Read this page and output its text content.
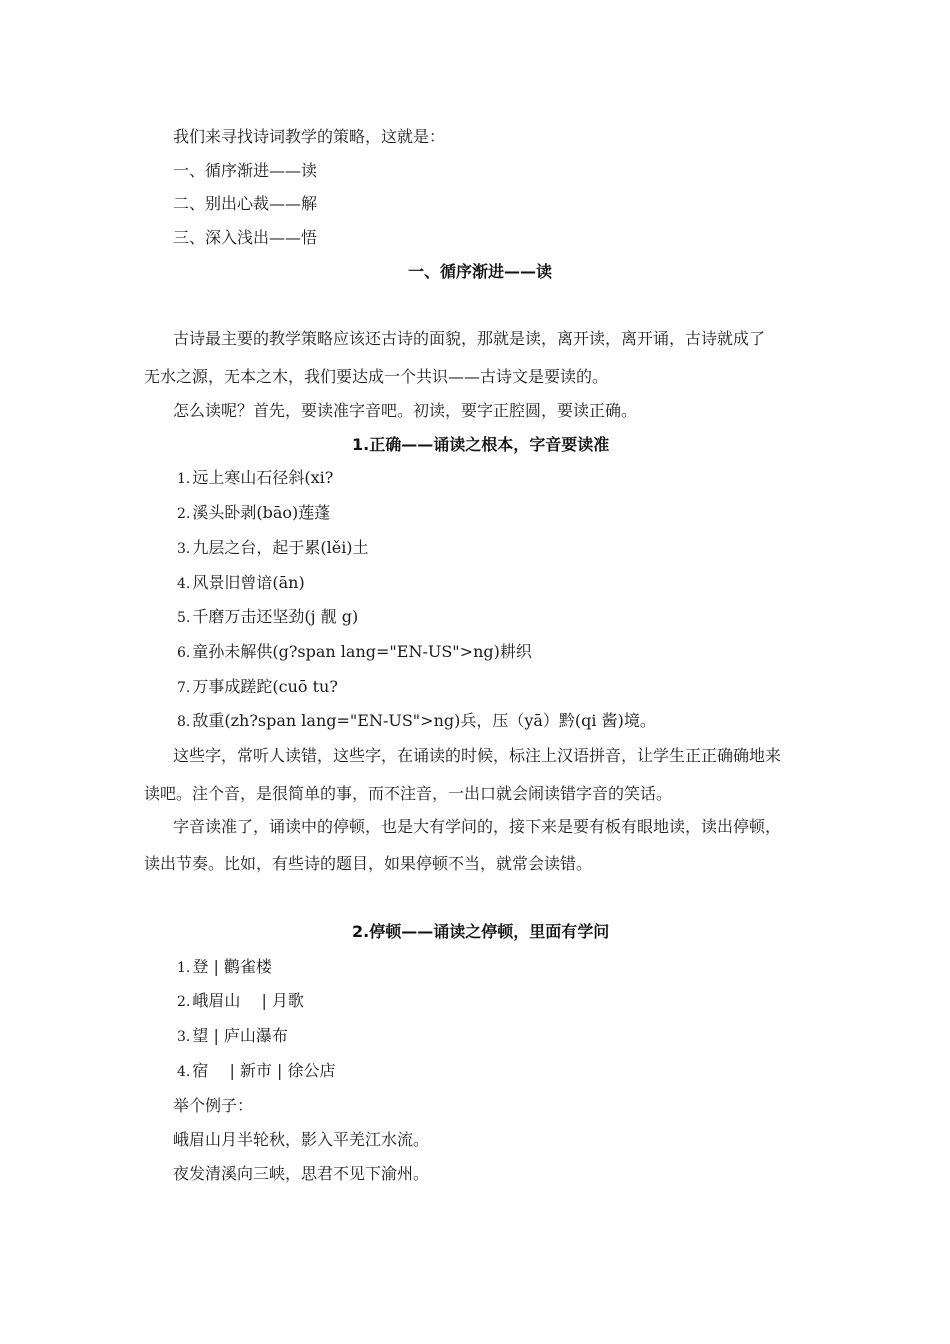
我们来寻找诗词教学的策略，这就是：
一、循序渐进——读
二、别出心裁——解
三、深入浅出——悟
一、循序渐进——读
古诗最主要的教学策略应该还古诗的面貌，那就是读，离开读，离开诵，古诗就成了
无水之源，无本之木，我们要达成一个共识——古诗文是要读的。
怎么读呢？首先，要读准字音吧。初读，要字正腔圆，要读正确。
1.正确——诵读之根本，字音要读准
1. 远上寒山石径斜(xi?
2. 溪头卧剥(bāo)莲蓬
3. 九层之台，起于累(lěi)土
4. 风景旧曾谙(ān)
5. 千磨万击还坚劲(j 靓 g)
6. 童孙未解供(g?span lang="EN-US">ng)耕织
7. 万事成蹉跎(cuō tu?
8. 敌重(zh?span lang="EN-US">ng)兵，压（yā）黔(qi 酱)境。
这些字，常听人读错，这些字，在诵读的时候，标注上汉语拼音，让学生正正确确地来
读吧。注个音，是很简单的事，而不注音，一出口就会闹读错字音的笑话。
字音读准了，诵读中的停顿，也是大有学问的，接下来是要有板有眼地读，读出停顿，
读出节奏。比如，有些诗的题目，如果停顿不当，就常会读错。
2.停顿——诵读之停顿，里面有学问
1. 登 | 鹳雀楼
2. 峨眉山　 | 月歌
3. 望 | 庐山瀑布
4. 宿　 | 新市 | 徐公店
举个例子：
峨眉山月半轮秋，影入平羌江水流。
夜发清溪向三峡，思君不见下渝州。
